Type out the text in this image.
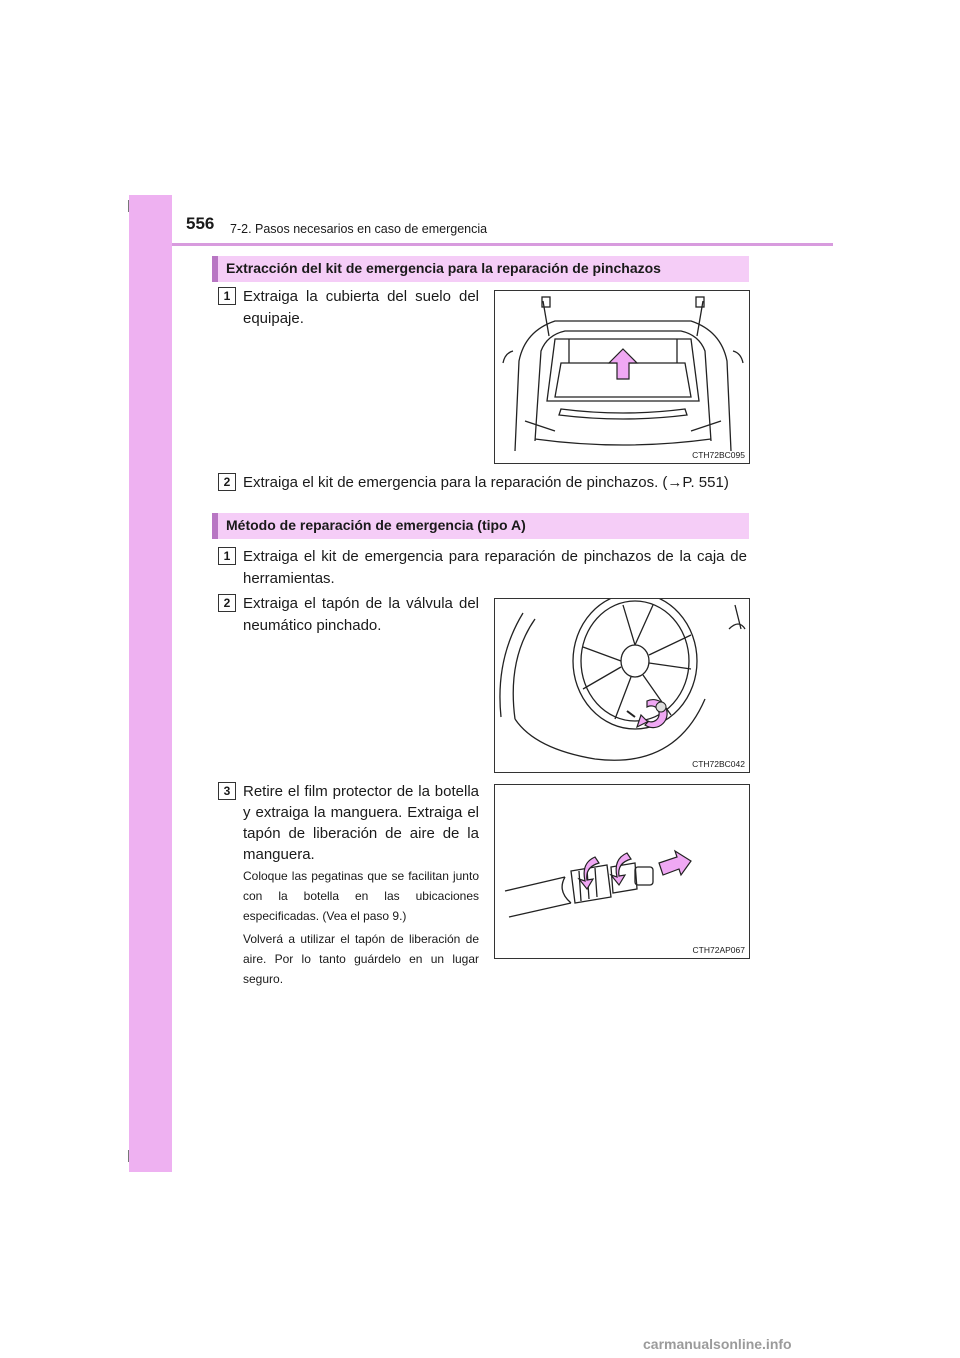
556 7-2. Pasos necesarios en caso de emergencia
Extracción del kit de emergencia para la reparación de pinchazos
1 Extraiga la cubierta del suelo del equipaje.
CTH72BC095
2 Extraiga el kit de emergencia para la reparación de pinchazos. (→P. 551)
Método de reparación de emergencia (tipo A)
1 Extraiga el kit de emergencia para reparación de pinchazos de la caja de herramientas.
2 Extraiga el tapón de la válvula del neumático pinchado.
CTH72BC042
3 Retire el film protector de la botella y extraiga la manguera. Extraiga el tapón de liberación de aire de la manguera.
Coloque las pegatinas que se facilitan junto con la botella en las ubicaciones especificadas. (Vea el paso 9.)
Volverá a utilizar el tapón de liberación de aire. Por lo tanto guárdelo en un lugar seguro.
CTH72AP067
carmanualsonline.info
